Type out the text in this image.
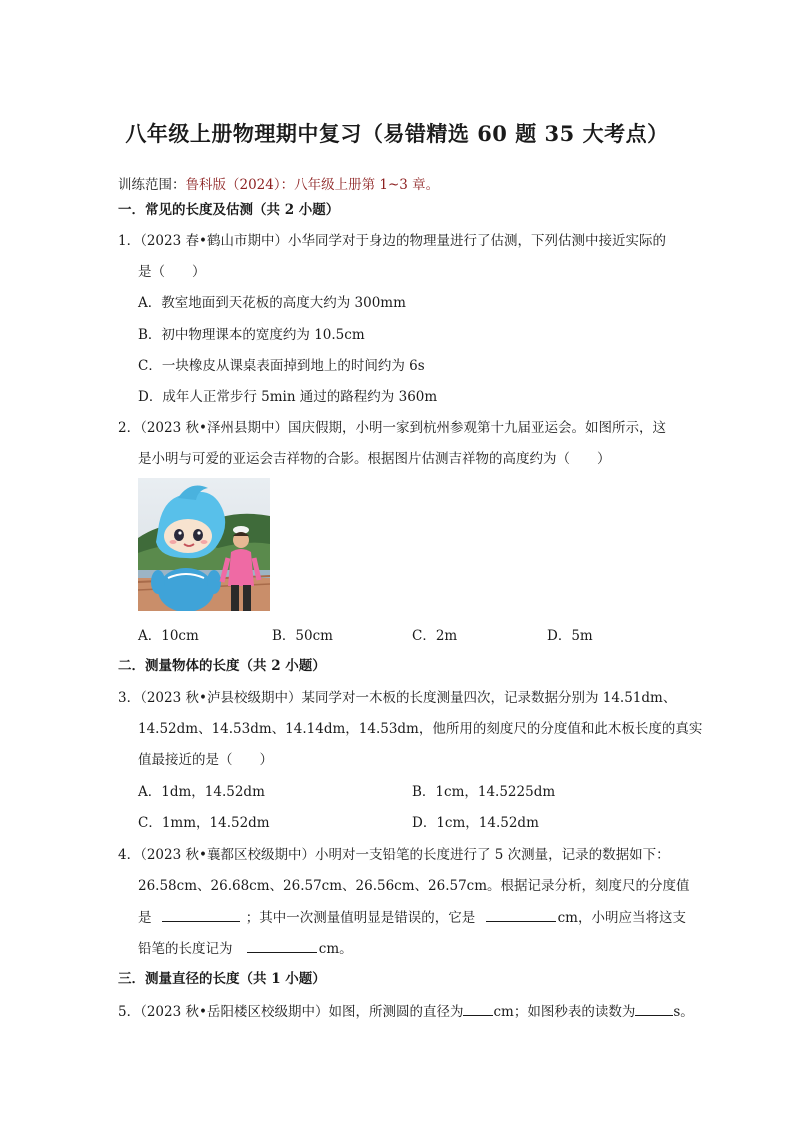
八年级上册物理期中复习（易错精选 60 题 35 大考点）
训练范围：鲁科版（2024）：八年级上册第 1~3 章。
一．常见的长度及估测（共 2 小题）
1．（2023 春•鹤山市期中）小华同学对于身边的物理量进行了估测，下列估测中接近实际的
是（　　）
A．教室地面到天花板的高度大约为 300mm
B．初中物理课本的宽度约为 10.5cm
C．一块橡皮从课桌表面掉到地上的时间约为 6s
D．成年人正常步行 5min 通过的路程约为 360m
2．（2023 秋•泽州县期中）国庆假期，小明一家到杭州参观第十九届亚运会。如图所示，这
是小明与可爱的亚运会吉祥物的合影。根据图片估测吉祥物的高度约为（　　）
A．10cm	B．50cm	C．2m	D．5m
二．测量物体的长度（共 2 小题）
3．（2023 秋•泸县校级期中）某同学对一木板的长度测量四次，记录数据分别为 14.51dm、
14.52dm、14.53dm、14.14dm，14.53dm，他所用的刻度尺的分度值和此木板长度的真实
值最接近的是（　　）
A．1dm，14.52dm	B．1cm，14.5225dm
C．1mm，14.52dm	D．1cm，14.52dm
4．（2023 秋•襄都区校级期中）小明对一支铅笔的长度进行了 5 次测量，记录的数据如下：
26.58cm、26.68cm、26.57cm、26.56cm、26.57cm。根据记录分析，刻度尺的分度值
是	；其中一次测量值明显是错误的，它是	cm，小明应当将这支
铅笔的长度记为	cm。
三．测量直径的长度（共 1 小题）
5．（2023 秋•岳阳楼区校级期中）如图，所测圆的直径为 cm；如图秒表的读数为	s。
